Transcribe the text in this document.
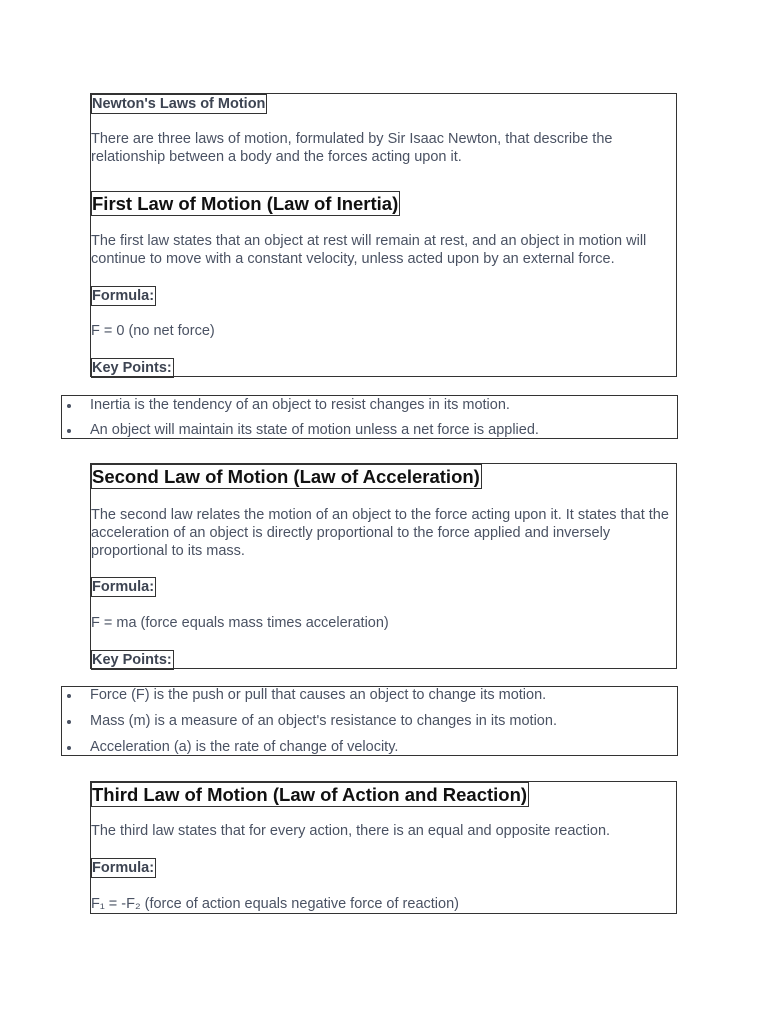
Newton's Laws of Motion

There are three laws of motion, formulated by Sir Isaac Newton, that describe the relationship between a body and the forces acting upon it.

First Law of Motion (Law of Inertia)

The first law states that an object at rest will remain at rest, and an object in motion will continue to move with a constant velocity, unless acted upon by an external force.

Formula:
F = 0 (no net force)
Key Points:
Inertia is the tendency of an object to resist changes in its motion.
An object will maintain its state of motion unless a net force is applied.
Second Law of Motion (Law of Acceleration)

The second law relates the motion of an object to the force acting upon it. It states that the acceleration of an object is directly proportional to the force applied and inversely proportional to its mass.

Formula:
F = ma (force equals mass times acceleration)
Key Points:
Force (F) is the push or pull that causes an object to change its motion.
Mass (m) is a measure of an object's resistance to changes in its motion.
Acceleration (a) is the rate of change of velocity.
Third Law of Motion (Law of Action and Reaction)

The third law states that for every action, there is an equal and opposite reaction.

Formula:
F₁ = -F₂ (force of action equals negative force of reaction)
